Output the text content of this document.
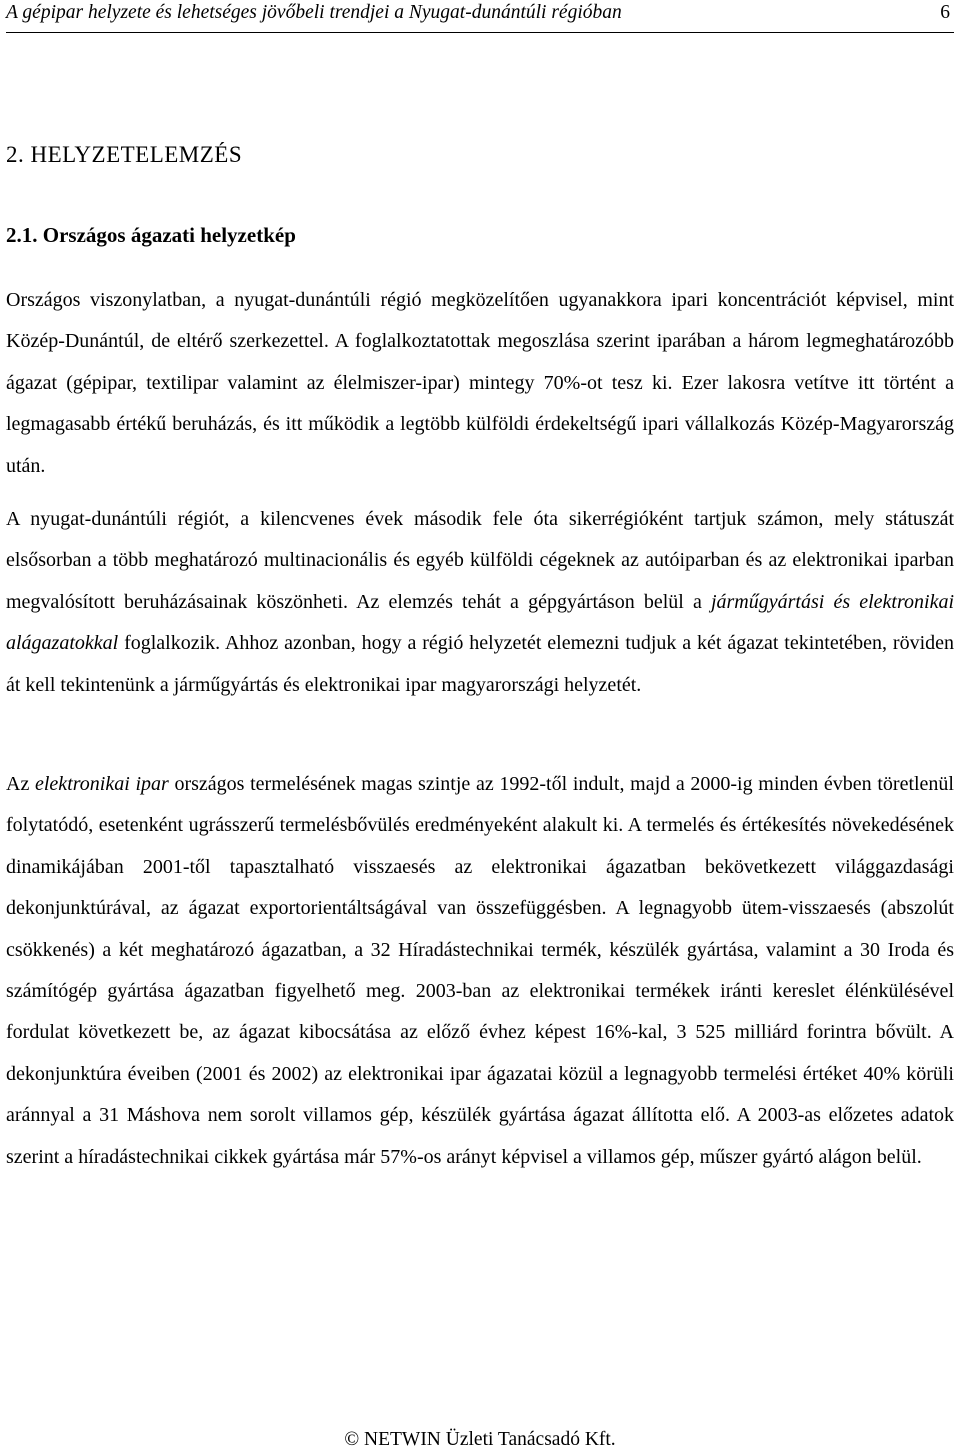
A gépipar helyzete és lehetséges jövőbeli trendjei a Nyugat-dunántúli régióban	6
2. HELYZETELEMZÉS
2.1. Országos ágazati helyzetkép

Országos viszonylatban, a nyugat-dunántúli régió megközelítően ugyanakkora ipari koncentrációt képvisel, mint Közép-Dunántúl, de eltérő szerkezettel. A foglalkoztatottak megoszlása szerint iparában a három legmeghatározóbb ágazat (gépipar, textilipar valamint az élelmiszer-ipar) mintegy 70%-ot tesz ki. Ezer lakosra vetítve itt történt a legmagasabb értékű beruházás, és itt működik a legtöbb külföldi érdekeltségű ipari vállalkozás Közép-Magyarország után.

A nyugat-dunántúli régiót, a kilencvenes évek második fele óta sikerrégióként tartjuk számon, mely státuszát elsősorban a több meghatározó multinacionális és egyéb külföldi cégeknek az autóiparban és az elektronikai iparban megvalósított beruházásainak köszönheti. Az elemzés tehát a gépgyártáson belül a járműgyártási és elektronikai alágazatokkal foglalkozik. Ahhoz azonban, hogy a régió helyzetét elemezni tudjuk a két ágazat tekintetében, röviden át kell tekintenünk a járműgyártás és elektronikai ipar magyarországi helyzetét.

Az elektronikai ipar országos termelésének magas szintje az 1992-től indult, majd a 2000-ig minden évben töretlenül folytatódó, esetenként ugrásszerű termelésbővülés eredményeként alakult ki. A termelés és értékesítés növekedésének dinamikájában 2001-től tapasztalható visszaesés az elektronikai ágazatban bekövetkezett világgazdasági dekonjunktúrával, az ágazat exportorientáltságával van összefüggésben. A legnagyobb ütem-visszaesés (abszolút csökkenés) a két meghatározó ágazatban, a 32 Híradástechnikai termék, készülék gyártása, valamint a 30 Iroda és számítógép gyártása ágazatban figyelhető meg. 2003-ban az elektronikai termékek iránti kereslet élénkülésével fordulat következett be, az ágazat kibocsátása az előző évhez képest 16%-kal, 3 525 milliárd forintra bővült. A dekonjunktúra éveiben (2001 és 2002) az elektronikai ipar ágazatai közül a legnagyobb termelési értéket 40% körüli aránnyal a 31 Máshova nem sorolt villamos gép, készülék gyártása ágazat állította elő. A 2003-as előzetes adatok szerint a híradástechnikai cikkek gyártása már 57%-os arányt képvisel a villamos gép, műszer gyártó alágon belül.

© NETWIN Üzleti Tanácsadó Kft.
